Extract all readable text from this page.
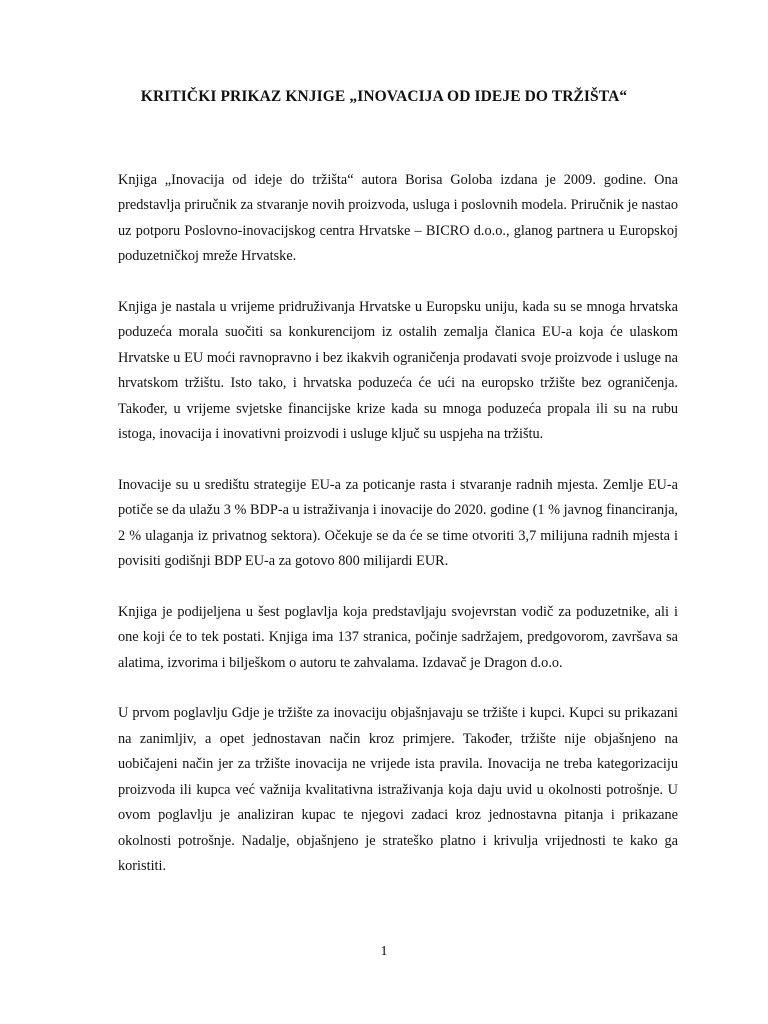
KRITIČKI PRIKAZ KNJIGE „INOVACIJA OD IDEJE DO TRŽIŠTA“

Knjiga „Inovacija od ideje do tržišta“ autora Borisa Goloba izdana je 2009. godine. Ona predstavlja priručnik za stvaranje novih proizvoda, usluga i poslovnih modela. Priručnik je nastao uz potporu Poslovno-inovacijskog centra Hrvatske – BICRO d.o.o., glanog partnera u Europskoj poduzetničkoj mreže Hrvatske.

Knjiga je nastala u vrijeme pridruživanja Hrvatske u Europsku uniju, kada su se mnoga hrvatska poduzeća morala suočiti sa konkurencijom iz ostalih zemalja članica EU-a koja će ulaskom Hrvatske u EU moći ravnopravno i bez ikakvih ograničenja prodavati svoje proizvode i usluge na hrvatskom tržištu. Isto tako, i hrvatska poduzeća će ući na europsko tržište bez ograničenja. Također, u vrijeme svjetske financijske krize kada su mnoga poduzeća propala ili su na rubu istoga, inovacija i inovativni proizvodi i usluge ključ su uspjeha na tržištu.

Inovacije su u središtu strategije EU-a za poticanje rasta i stvaranje radnih mjesta. Zemlje EU-a potiče se da ulažu 3 % BDP-a u istraživanja i inovacije do 2020. godine (1 % javnog financiranja, 2 % ulaganja iz privatnog sektora). Očekuje se da će se time otvoriti 3,7 milijuna radnih mjesta i povisiti godišnji BDP EU-a za gotovo 800 milijardi EUR.

Knjiga je podijeljena u šest poglavlja koja predstavljaju svojevrstan vodič za poduzetnike, ali i one koji će to tek postati. Knjiga ima 137 stranica, počinje sadržajem, predgovorom, završava sa alatima, izvorima i bilješkom o autoru te zahvalama. Izdavač je Dragon d.o.o.

U prvom poglavlju Gdje je tržište za inovaciju objašnjavaju se tržište i kupci. Kupci su prikazani na zanimljiv, a opet jednostavan način kroz primjere. Također, tržište nije objašnjeno na uobičajeni način jer za tržište inovacija ne vrijede ista pravila. Inovacija ne treba kategorizaciju proizvoda ili kupca već važnija kvalitativna istraživanja koja daju uvid u okolnosti potrošnje. U ovom poglavlju je analiziran kupac te njegovi zadaci kroz jednostavna pitanja i prikazane okolnosti potrošnje. Nadalje, objašnjeno je strateško platno i krivulja vrijednosti te kako ga koristiti.

1
